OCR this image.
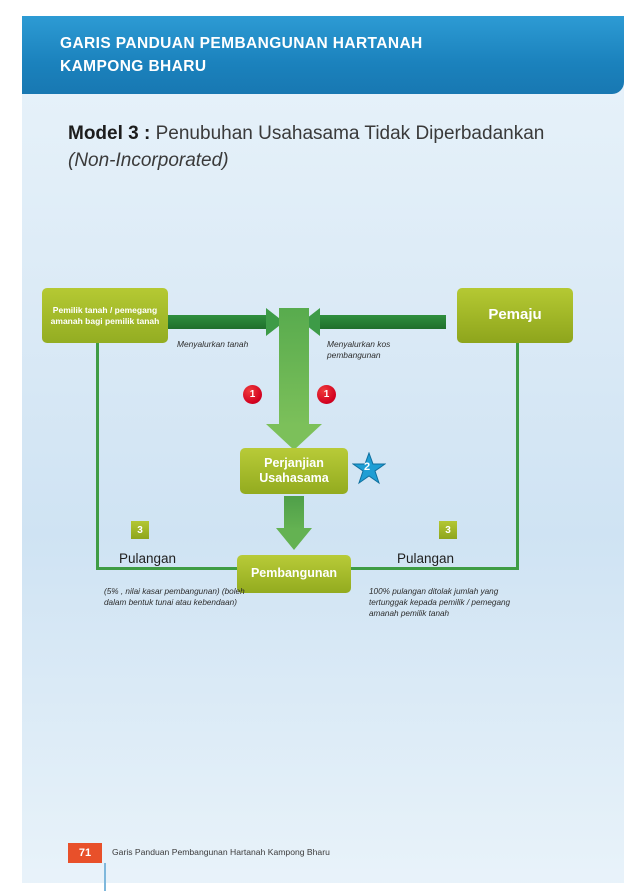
GARIS PANDUAN PEMBANGUNAN HARTANAH
KAMPONG BHARU
Model 3 : Penubuhan Usahasama Tidak Diperbadankan (Non-Incorporated)
Pemilik tanah / pemegang amanah bagi pemilik tanah	Pemaju
Perjanjian Usahasama
Pembangunan
Menyalurkan tanah	Menyalurkan kos pembangunan
1	1
3	3
2
Pulangan	Pulangan
(5% , nilai kasar pembangunan) (boleh dalam bentuk tunai atau kebendaan)
100% pulangan ditolak jumlah yang tertunggak kepada pemilik / pemegang amanah pemilik tanah
71	Garis Panduan Pembangunan Hartanah Kampong Bharu
